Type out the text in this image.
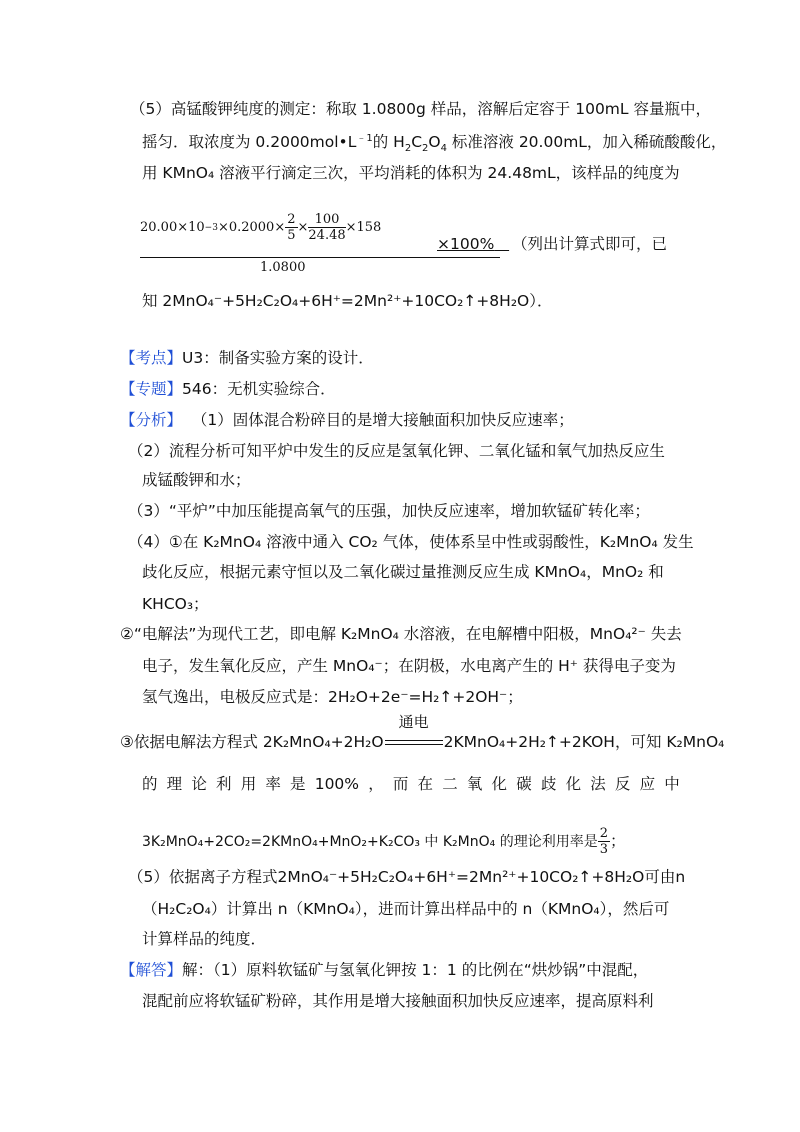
（5）高锰酸钾纯度的测定：称取 1.0800g 样品，溶解后定容于 100mL 容量瓶中，
摇匀．取浓度为 $0.2000mol•L^{﹣1}$的 $H_2C_2O_4$ 标准溶液 20.00mL，加入稀硫酸酸化，
用 KMnO₄ 溶液平行滴定三次，平均消耗的体积为 24.48mL，该样品的纯度为
$20.00\times 10 -3 \times 0.2000\times \frac{2}{5} \times \frac{100}{24.48} \times 158$
1.0800
×100%	（列出计算式即可，已
知 2MnO₄⁻+5H₂C₂O₄+6H⁺=2Mn²⁺+10CO₂↑+8H₂O）．
【考点】U3：制备实验方案的设计．
【专题】546：无机实验综合．
【分析】 （1）固体混合粉碎目的是增大接触面积加快反应速率；
（2）流程分析可知平炉中发生的反应是氢氧化钾、二氧化锰和氧气加热反应生
成锰酸钾和水；
（3）“平炉”中加压能提高氧气的压强，加快反应速率，增加软锰矿转化率；
（4）①在 K₂MnO₄ 溶液中通入 CO₂ 气体，使体系呈中性或弱酸性，K₂MnO₄ 发生
歧化反应，根据元素守恒以及二氧化碳过量推测反应生成 KMnO₄，MnO₂ 和
KHCO₃；
②“电解法”为现代工艺，即电解 K₂MnO₄ 水溶液，在电解槽中阳极，MnO₄²⁻ 失去
电子，发生氧化反应，产生 MnO₄⁻；在阴极，水电离产生的 H⁺ 获得电子变为
氢气逸出，电极反应式是：2H₂O+2e⁻=H₂↑+2OH⁻；
③依据电解法方程式 2K₂MnO₄+2H₂O
通电
2KMnO₄+2H₂↑+2KOH，可知 K₂MnO₄
的 理 论 利 用 率 是 100% ， 而 在 二 氧 化 碳 歧 化 法 反 应 中
3K₂MnO₄+2CO₂=2KMnO₄+MnO₂+K₂CO₃ 中 K₂MnO₄ 的理论利用率是 $\frac{2}{3}$ ；
（ 5 ） 依 据 离 子 方 程 式 2MnO₄⁻+5H₂C₂O₄+6H⁺=2Mn²⁺+10CO₂↑+8H₂O 可 由 n
（H₂C₂O₄）计算出 n（KMnO₄），进而计算出样品中的 n（KMnO₄），然后可
计算样品的纯度．
【解答】解：（1）原料软锰矿与氢氧化钾按 1：1 的比例在“烘炒锅”中混配，
混配前应将软锰矿粉碎，其作用是增大接触面积加快反应速率，提高原料利
